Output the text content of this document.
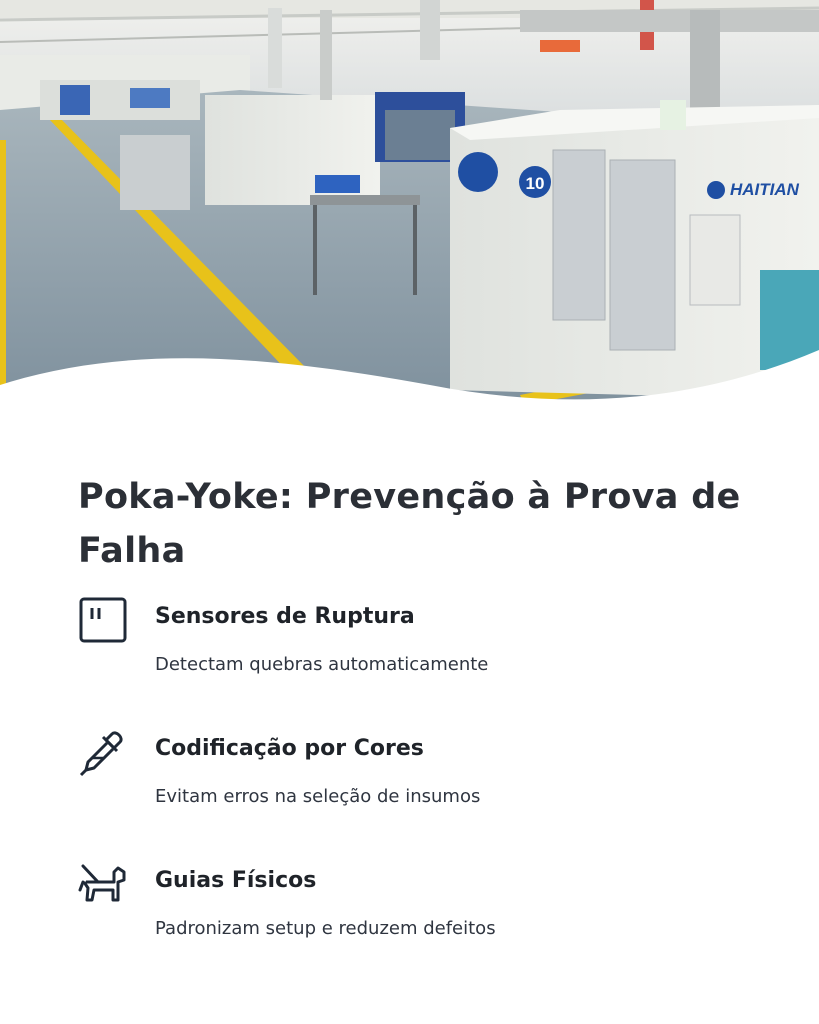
10	HAITIAN
Poka-Yoke: Prevenção à Prova de Falha
Sensores de Ruptura
Detectam quebras automaticamente
Codificação por Cores
Evitam erros na seleção de insumos
Guias Físicos
Padronizam setup e reduzem defeitos
